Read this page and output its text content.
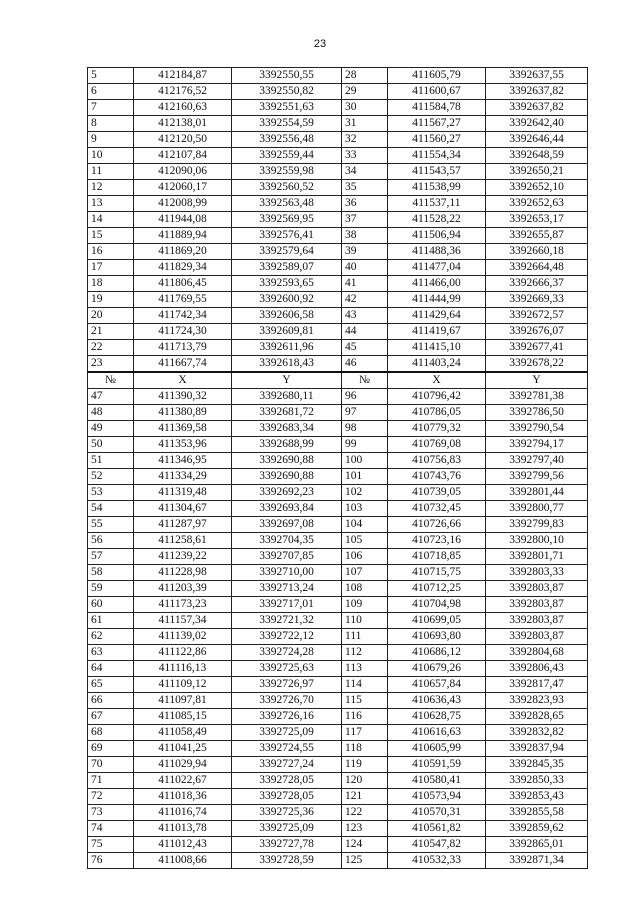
23
5	412184,87	3392550,55	28	411605,79	3392637,55
6	412176,52	3392550,82	29	411600,67	3392637,82
7	412160,63	3392551,63	30	411584,78	3392637,82
8	412138,01	3392554,59	31	411567,27	3392642,40
9	412120,50	3392556,48	32	411560,27	3392646,44
10	412107,84	3392559,44	33	411554,34	3392648,59
11	412090,06	3392559,98	34	411543,57	3392650,21
12	412060,17	3392560,52	35	411538,99	3392652,10
13	412008,99	3392563,48	36	411537,11	3392652,63
14	411944,08	3392569,95	37	411528,22	3392653,17
15	411889,94	3392576,41	38	411506,94	3392655,87
16	411869,20	3392579,64	39	411488,36	3392660,18
17	411829,34	3392589,07	40	411477,04	3392664,48
18	411806,45	3392593,65	41	411466,00	3392666,37
19	411769,55	3392600,92	42	411444,99	3392669,33
20	411742,34	3392606,58	43	411429,64	3392672,57
21	411724,30	3392609,81	44	411419,67	3392676,07
22	411713,79	3392611,96	45	411415,10	3392677,41
23	411667,74	3392618,43	46	411403,24	3392678,22
№	X	Y	№	X	Y
47	411390,32	3392680,11	96	410796,42	3392781,38
48	411380,89	3392681,72	97	410786,05	3392786,50
49	411369,58	3392683,34	98	410779,32	3392790,54
50	411353,96	3392688,99	99	410769,08	3392794,17
51	411346,95	3392690,88	100	410756,83	3392797,40
52	411334,29	3392690,88	101	410743,76	3392799,56
53	411319,48	3392692,23	102	410739,05	3392801,44
54	411304,67	3392693,84	103	410732,45	3392800,77
55	411287,97	3392697,08	104	410726,66	3392799,83
56	411258,61	3392704,35	105	410723,16	3392800,10
57	411239,22	3392707,85	106	410718,85	3392801,71
58	411228,98	3392710,00	107	410715,75	3392803,33
59	411203,39	3392713,24	108	410712,25	3392803,87
60	411173,23	3392717,01	109	410704,98	3392803,87
61	411157,34	3392721,32	110	410699,05	3392803,87
62	411139,02	3392722,12	111	410693,80	3392803,87
63	411122,86	3392724,28	112	410686,12	3392804,68
64	411116,13	3392725,63	113	410679,26	3392806,43
65	411109,12	3392726,97	114	410657,84	3392817,47
66	411097,81	3392726,70	115	410636,43	3392823,93
67	411085,15	3392726,16	116	410628,75	3392828,65
68	411058,49	3392725,09	117	410616,63	3392832,82
69	411041,25	3392724,55	118	410605,99	3392837,94
70	411029,94	3392727,24	119	410591,59	3392845,35
71	411022,67	3392728,05	120	410580,41	3392850,33
72	411018,36	3392728,05	121	410573,94	3392853,43
73	411016,74	3392725,36	122	410570,31	3392855,58
74	411013,78	3392725,09	123	410561,82	3392859,62
75	411012,43	3392727,78	124	410547,82	3392865,01
76	411008,66	3392728,59	125	410532,33	3392871,34
